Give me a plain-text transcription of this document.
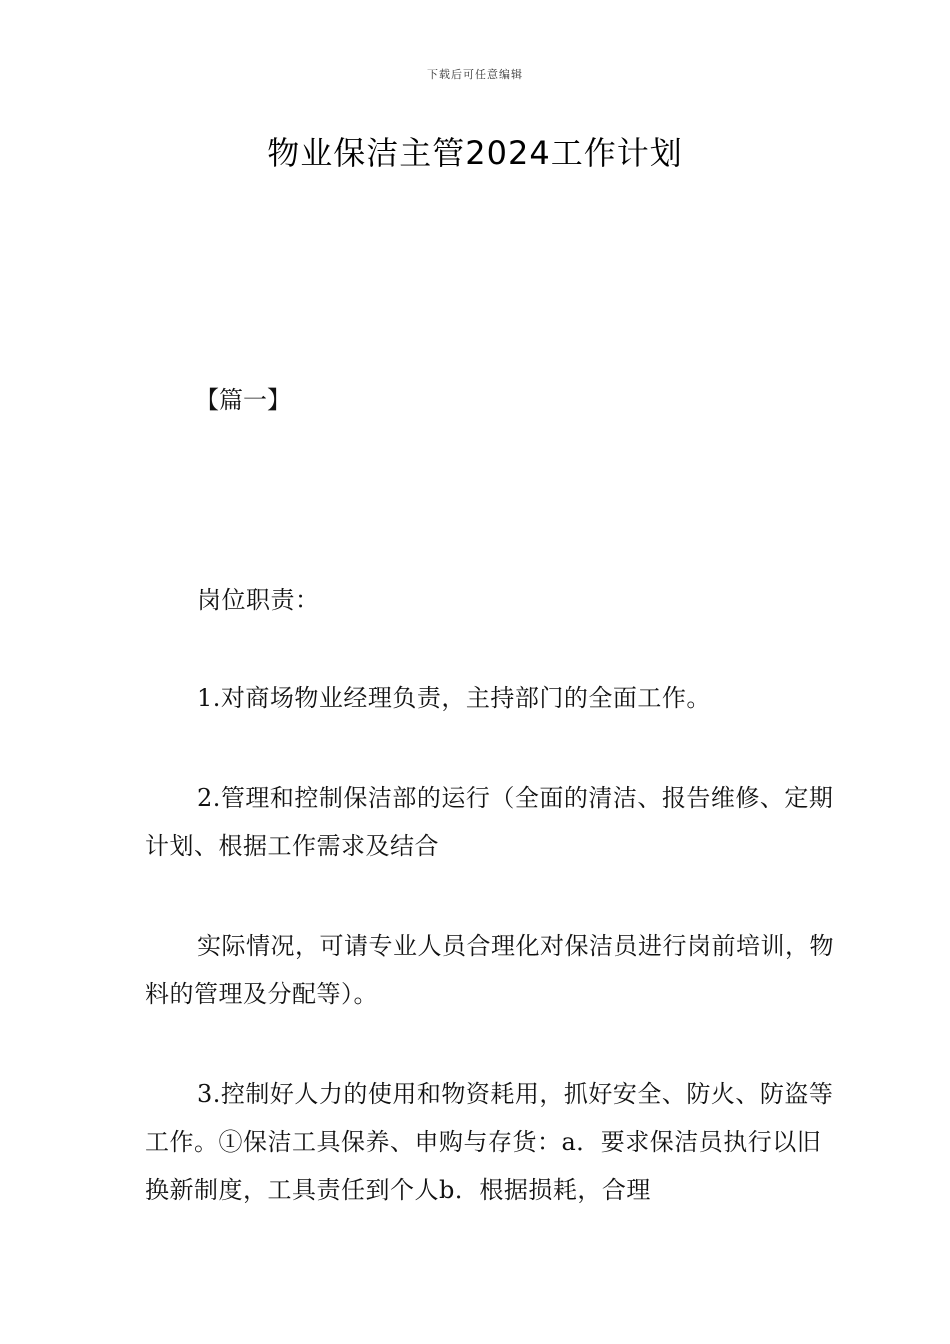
下载后可任意编辑
物业保洁主管2024工作计划

【篇一】

岗位职责：

1.对商场物业经理负责，主持部门的全面工作。

2.管理和控制保洁部的运行（全面的清洁、报告维修、定期计划、根据工作需求及结合

实际情况，可请专业人员合理化对保洁员进行岗前培训，物料的管理及分配等）。

3.控制好人力的使用和物资耗用，抓好安全、防火、防盗等工作。①保洁工具保养、申购与存货：a．要求保洁员执行以旧换新制度，工具责任到个人b．根据损耗，合理
